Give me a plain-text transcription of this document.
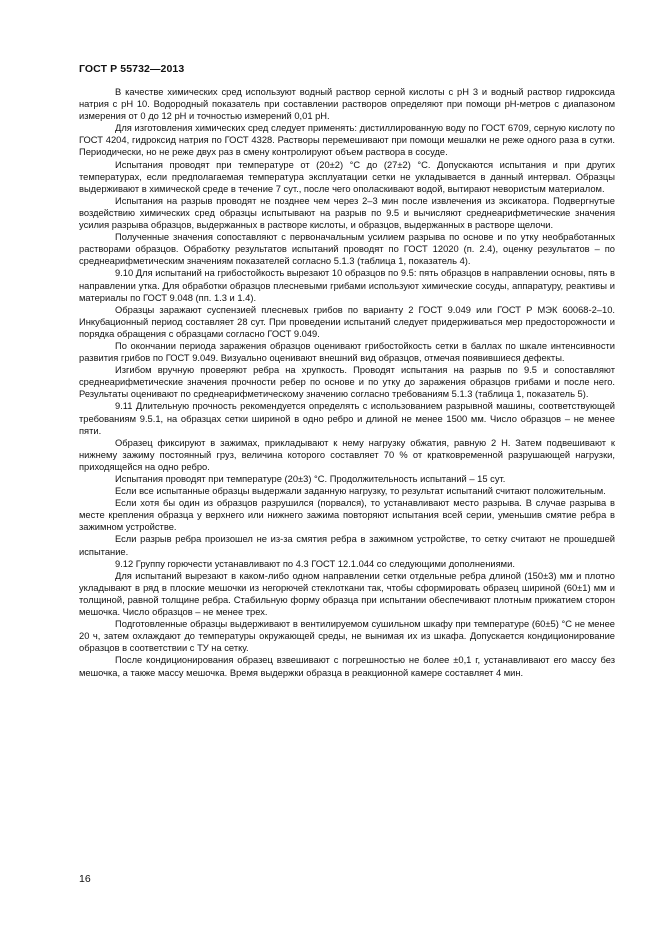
ГОСТ Р 55732—2013

В качестве химических сред используют водный раствор серной кислоты с pH 3 и водный раствор гидроксида натрия с pH 10. Водородный показатель при составлении растворов определяют при помощи pH-метров с диапазоном измерения от 0 до 12 pH и точностью измерений 0,01 pH.

Для изготовления химических сред следует применять: дистиллированную воду по ГОСТ 6709, серную кислоту по ГОСТ 4204, гидроксид натрия по ГОСТ 4328. Растворы перемешивают при помощи мешалки не реже одного раза в сутки. Периодически, но не реже двух раз в смену контролируют объем раствора в сосуде.

Испытания проводят при температуре от (20±2) °С до (27±2) °С. Допускаются испытания и при других температурах, если предполагаемая температура эксплуатации сетки не укладывается в данный интервал. Образцы выдерживают в химической среде в течение 7 сут., после чего ополаскивают водой, вытирают невористым материалом.

Испытания на разрыв проводят не позднее чем через 2–3 мин после извлечения из эксикатора. Подвергнутые воздействию химических сред образцы испытывают на разрыв по 9.5 и вычисляют среднеарифметические значения усилия разрыва образцов, выдержанных в растворе кислоты, и образцов, выдержанных в растворе щелочи.

Полученные значения сопоставляют с первоначальным усилием разрыва по основе и по утку необработанных растворами образцов. Обработку результатов испытаний проводят по ГОСТ 12020 (п. 2.4), оценку результатов – по среднеарифметическим значениям показателей согласно 5.1.3 (таблица 1, показатель 4).

9.10 Для испытаний на грибостойкость вырезают 10 образцов по 9.5: пять образцов в направлении основы, пять в направлении утка. Для обработки образцов плесневыми грибами используют химические сосуды, аппаратуру, реактивы и материалы по ГОСТ 9.048 (пп. 1.3 и 1.4).

Образцы заражают суспензией плесневых грибов по варианту 2 ГОСТ 9.049 или ГОСТ Р МЭК 60068-2–10. Инкубационный период составляет 28 сут. При проведении испытаний следует придерживаться мер предосторожности и порядка обращения с образцами согласно ГОСТ 9.049.

По окончании периода заражения образцов оценивают грибостойкость сетки в баллах по шкале интенсивности развития грибов по ГОСТ 9.049. Визуально оценивают внешний вид образцов, отмечая появившиеся дефекты.

Изгибом вручную проверяют ребра на хрупкость. Проводят испытания на разрыв по 9.5 и сопоставляют среднеарифметические значения прочности ребер по основе и по утку до заражения образцов грибами и после него. Результаты оценивают по среднеарифметическому значению согласно требованиям 5.1.3 (таблица 1, показатель 5).

9.11 Длительную прочность рекомендуется определять с использованием разрывной машины, соответствующей требованиям 9.5.1, на образцах сетки шириной в одно ребро и длиной не менее 1500 мм. Число образцов – не менее пяти.

Образец фиксируют в зажимах, прикладывают к нему нагрузку обжатия, равную 2 Н. Затем подвешивают к нижнему зажиму постоянный груз, величина которого составляет 70 % от кратковременной разрушающей нагрузки, приходящейся на одно ребро.

Испытания проводят при температуре (20±3) °С. Продолжительность испытаний – 15 сут.

Если все испытанные образцы выдержали заданную нагрузку, то результат испытаний считают положительным.

Если хотя бы один из образцов разрушился (порвался), то устанавливают место разрыва. В случае разрыва в месте крепления образца у верхнего или нижнего зажима повторяют испытания всей серии, уменьшив смятие ребра в зажимном устройстве.

Если разрыв ребра произошел не из-за смятия ребра в зажимном устройстве, то сетку считают не прошедшей испытание.

9.12 Группу горючести устанавливают по 4.3 ГОСТ 12.1.044 со следующими дополнениями.

Для испытаний вырезают в каком-либо одном направлении сетки отдельные ребра длиной (150±3) мм и плотно укладывают в ряд в плоские мешочки из негорючей стеклоткани так, чтобы сформировать образец шириной (60±1) мм и толщиной, равной толщине ребра. Стабильную форму образца при испытании обеспечивают плотным прижатием сторон мешочка. Число образцов – не менее трех.

Подготовленные образцы выдерживают в вентилируемом сушильном шкафу при температуре (60±5) °С не менее 20 ч, затем охлаждают до температуры окружающей среды, не вынимая их из шкафа. Допускается кондиционирование образцов в соответствии с ТУ на сетку.

После кондиционирования образец взвешивают с погрешностью не более ±0,1 г, устанавливают его массу без мешочка, а также массу мешочка. Время выдержки образца в реакционной камере составляет 4 мин.

16
